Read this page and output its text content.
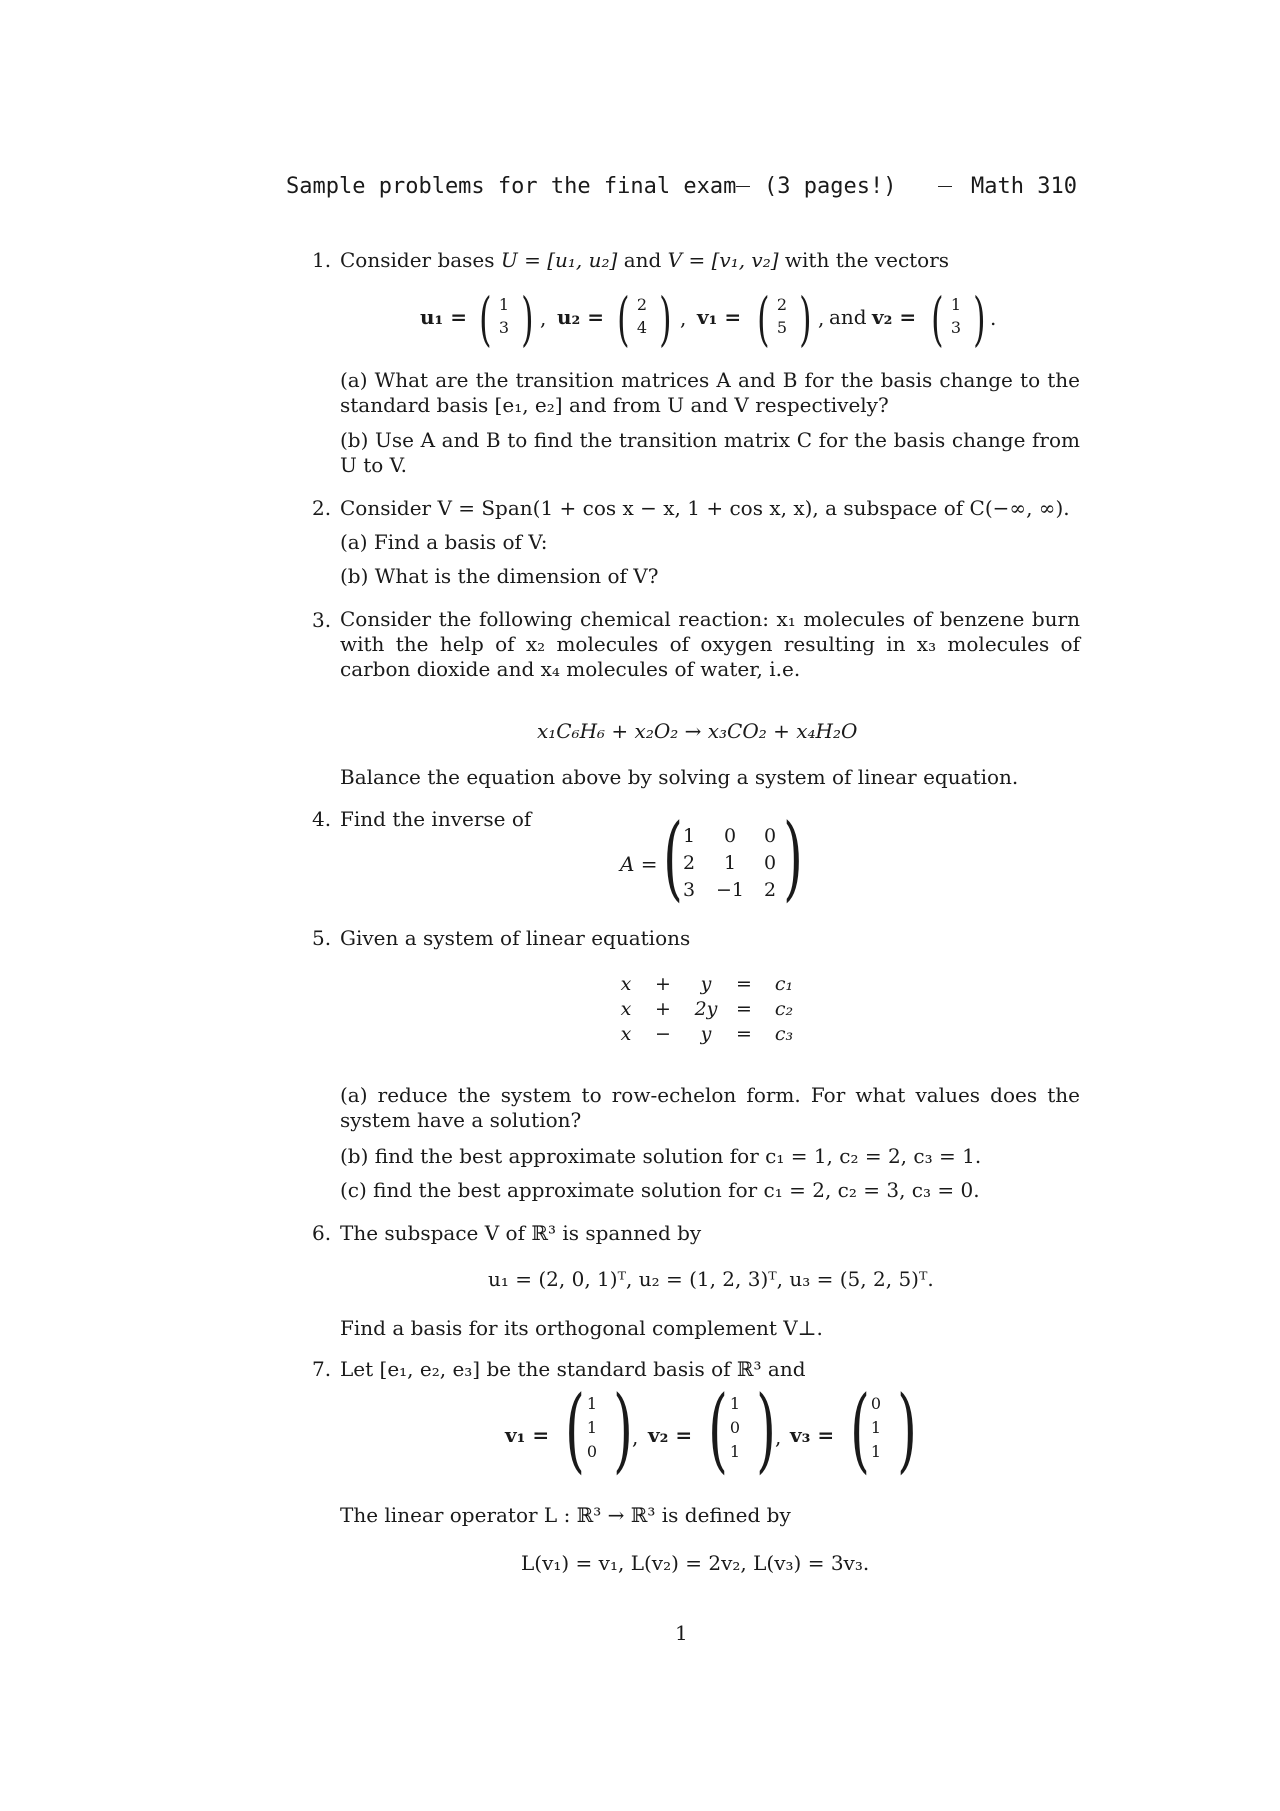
Sample problems for the final exam (3 pages!)	Math 310
1. Consider bases U = [u₁, u₂] and V = [v₁, v₂] with the vectors
u₁ = ( 1
3 ) , u₂ = ( 2
4 ) , v₁ = ( 2
5 ) , and v₂ = ( 1
3 ) .
(a) What are the transition matrices A and B for the basis change to the standard basis [e₁, e₂] and from U and V respectively?
(b) Use A and B to find the transition matrix C for the basis change from U to V.
2. Consider V = Span(1 + cos x − x, 1 + cos x, x), a subspace of C(−∞, ∞).
(a) Find a basis of V:
(b) What is the dimension of V?
3. Consider the following chemical reaction: x₁ molecules of benzene burn with the help of x₂ molecules of oxygen resulting in x₃ molecules of carbon dioxide and x₄ molecules of water, i.e.
x₁C₆H₆ + x₂O₂ → x₃CO₂ + x₄H₂O
Balance the equation above by solving a system of linear equation.
4. Find the inverse of
A = ( 1	0	0
2	1	0
3	−1	2 )
5. Given a system of linear equations
x +	y	= c₁
x + 2y = c₂
x −	y	= c₃
(a) reduce the system to row-echelon form. For what values does the system have a solution?
(b) find the best approximate solution for c₁ = 1, c₂ = 2, c₃ = 1.
(c) find the best approximate solution for c₁ = 2, c₂ = 3, c₃ = 0.
6. The subspace V of ℝ³ is spanned by
u₁ = (2, 0, 1)ᵀ, u₂ = (1, 2, 3)ᵀ, u₃ = (5, 2, 5)ᵀ.
Find a basis for its orthogonal complement V⊥.
7. Let [e₁, e₂, e₃] be the standard basis of ℝ³ and
v₁ = ( 1
1
0 ) , v₂ = ( 1
0
1 ) , v₃ = ( 0
1
1 )
The linear operator L : ℝ³ → ℝ³ is defined by
L(v₁) = v₁, L(v₂) = 2v₂, L(v₃) = 3v₃.
1
